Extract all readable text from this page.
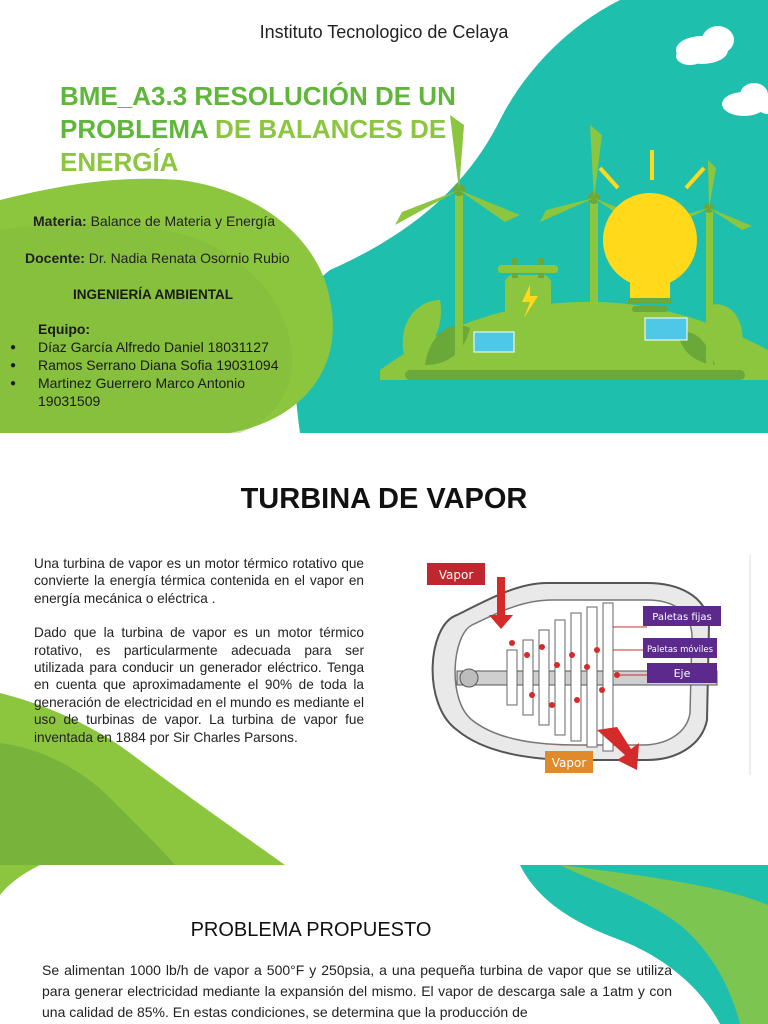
Instituto Tecnologico de Celaya
BME_A3.3 RESOLUCIÓN DE UN PROBLEMA DE BALANCES DE ENERGÍA
Materia: Balance de Materia y Energía
Docente: Dr. Nadia Renata Osornio Rubio
INGENIERÍA AMBIENTAL
Equipo:
● Díaz García Alfredo Daniel 18031127
● Ramos Serrano Diana Sofia 19031094
● Martinez Guerrero Marco Antonio 19031509
TURBINA DE VAPOR

Una turbina de vapor es un motor térmico rotativo que convierte la energía térmica contenida en el vapor en energía mecánica o eléctrica .

Dado que la turbina de vapor es un motor térmico rotativo, es particularmente adecuada para ser utilizada para conducir un generador eléctrico. Tenga en cuenta que aproximadamente el 90% de toda la generación de electricidad en el mundo es mediante el uso de turbinas de vapor. La turbina de vapor fue inventada en 1884 por Sir Charles Parsons.

Vapor
Paletas fijas
Paletas móviles
Eje
Vapor
PROBLEMA PROPUESTO
Se alimentan 1000 lb/h de vapor a 500°F y 250psia, a una pequeña turbina de vapor que se utiliza para generar electricidad mediante la expansión del mismo. El vapor de descarga sale a 1atm y con una calidad de 85%. En estas condiciones, se determina que la producción de
